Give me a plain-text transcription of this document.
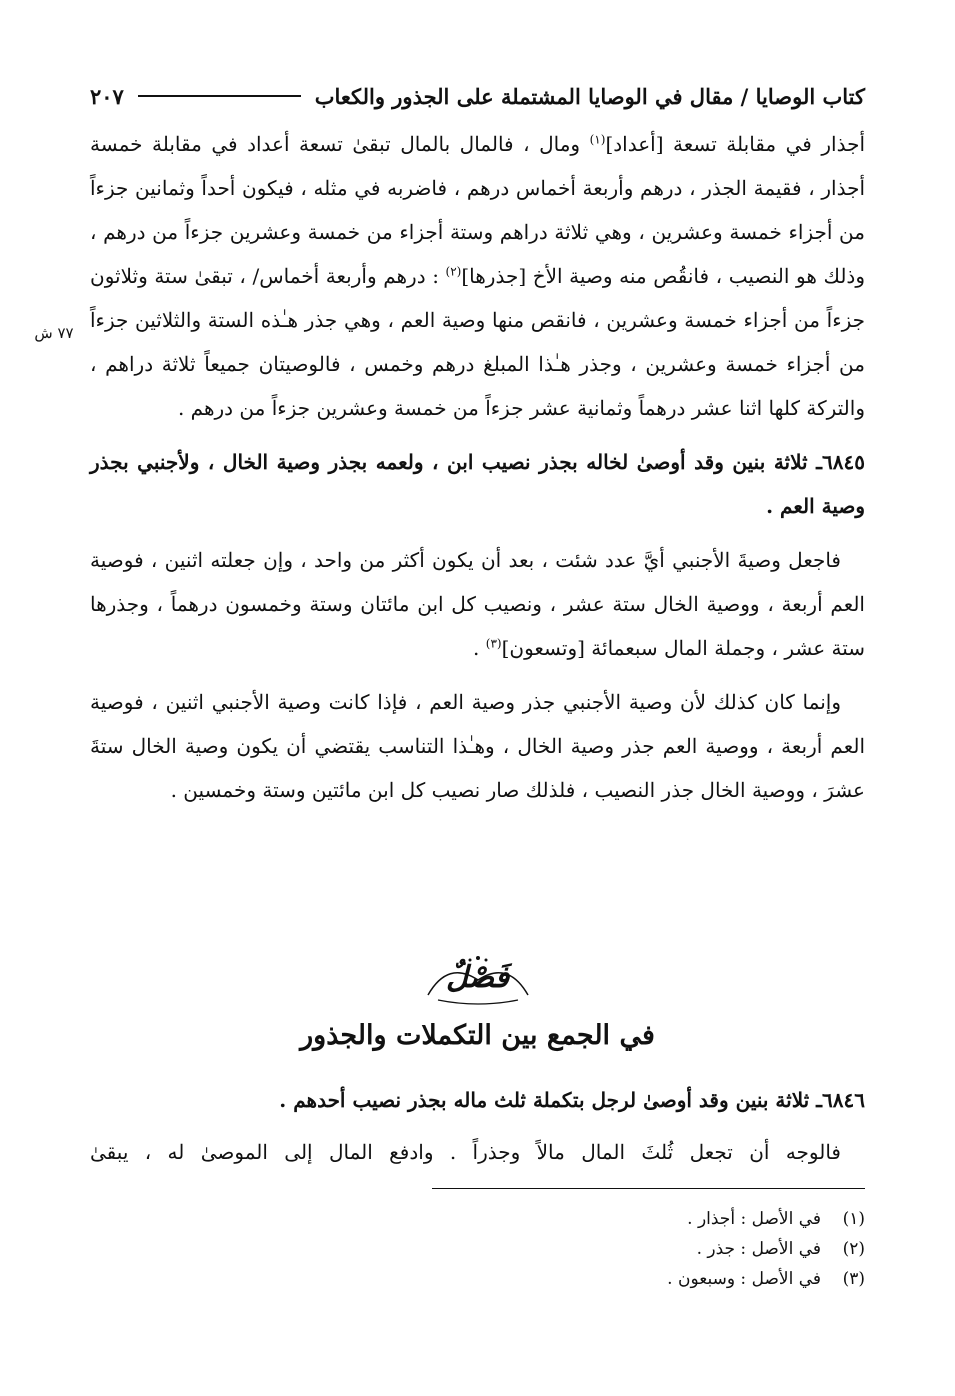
كتاب الوصايا / مقال في الوصايا المشتملة على الجذور والكعاب
٢٠٧
٧٧ ش

أجذار في مقابلة تسعة [أعداد]$^{(١)}$ ومال ، فالمال بالمال تبقىٰ تسعة أعداد في مقابلة خمسة أجذار ، فقيمة الجذر ، درهم وأربعة أخماس درهم ، فاضربه في مثله ، فيكون أحداً وثمانين جزءاً من أجزاء خمسة وعشرين ، وهي ثلاثة دراهم وستة أجزاء من خمسة وعشرين جزءاً من درهم ، وذلك هو النصيب ، فانقُص منه وصية الأخ [جذرها]$^{(٢)}$ : درهم وأربعة أخماس/ ، تبقىٰ ستة وثلاثون جزءاً من أجزاء خمسة وعشرين ، فانقص منها وصية العم ، وهي جذر هـٰذه الستة والثلاثين جزءاً من أجزاء خمسة وعشرين ، وجذر هـٰذا المبلغ درهم وخمس ، فالوصيتان جميعاً ثلاثة دراهم ، والتركة كلها اثنا عشر درهماً وثمانية عشر جزءاً من خمسة وعشرين جزءاً من درهم .

٦٨٤٥ـ ثلاثة بنين وقد أوصىٰ لخاله بجذر نصيب ابن ، ولعمه بجذر وصية الخال ، ولأجنبي بجذر وصية العم .

فاجعل وصيةَ الأجنبي أيَّ عدد شئت ، بعد أن يكون أكثر من واحد ، وإن جعلته اثنين ، فوصية العم أربعة ، ووصية الخال ستة عشر ، ونصيب كل ابن مائتان وستة وخمسون درهماً ، وجذرها ستة عشر ، وجملة المال سبعمائة [وتسعون]$^{(٣)}$ .

وإنما كان كذلك لأن وصية الأجنبي جذر وصية العم ، فإذا كانت وصية الأجنبي اثنين ، فوصية العم أربعة ، ووصية العم جذر وصية الخال ، وهـٰذا التناسب يقتضي أن يكون وصية الخال ستةَ عشرَ ، ووصية الخال جذر النصيب ، فلذلك صار نصيب كل ابن مائتين وستة وخمسين .

فَصْلٌ
في الجمع بين التكملات والجذور
٦٨٤٦ـ ثلاثة بنين وقد أوصىٰ لرجل بتكملة ثلث ماله بجذر نصيب أحدهم .
فالوجه أن تجعل ثُلثَ المال مالاً وجذراً . وادفع المال إلى الموصىٰ له ، يبقىٰ
(١)
في الأصل : أجذار .
(٢)
في الأصل : جذر .
(٣)
في الأصل : وسبعون .
